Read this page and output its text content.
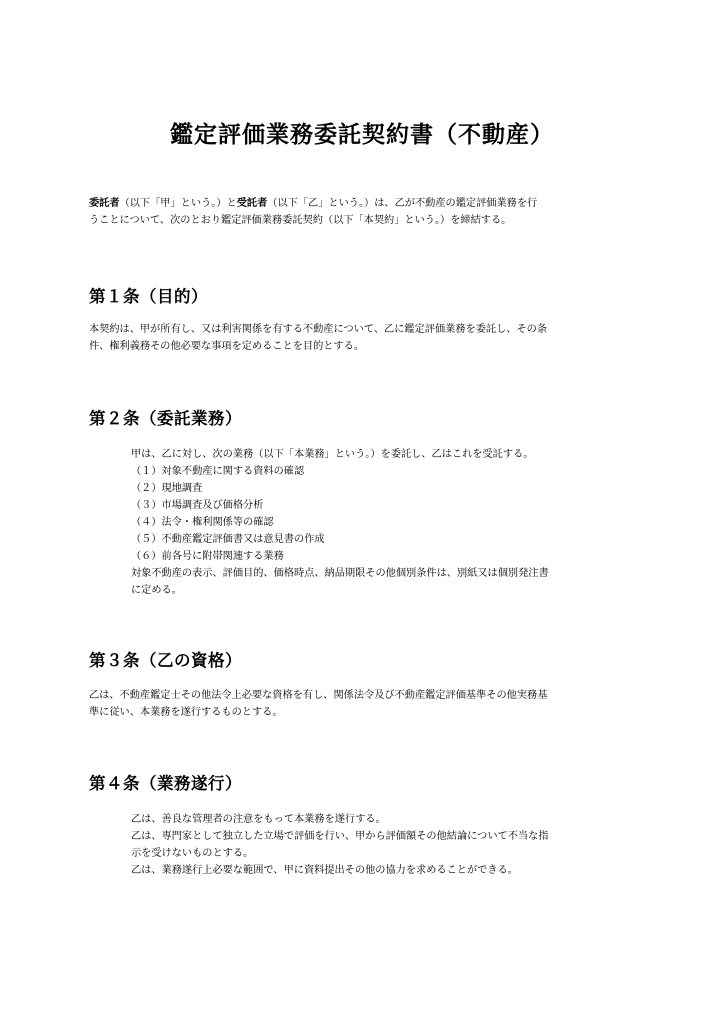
鑑定評価業務委託契約書（不動産）

委託者（以下「甲」という。）と受託者（以下「乙」という。）は、乙が不動産の鑑定評価業務を行
うことについて、次のとおり鑑定評価業務委託契約（以下「本契約」という。）を締結する。

第１条（目的）

本契約は、甲が所有し、又は利害関係を有する不動産について、乙に鑑定評価業務を委託し、その条
件、権利義務その他必要な事項を定めることを目的とする。

第２条（委託業務）

甲は、乙に対し、次の業務（以下「本業務」という。）を委託し、乙はこれを受託する。
（１）対象不動産に関する資料の確認
（２）現地調査
（３）市場調査及び価格分析
（４）法令・権利関係等の確認
（５）不動産鑑定評価書又は意見書の作成
（６）前各号に附帯関連する業務
対象不動産の表示、評価目的、価格時点、納品期限その他個別条件は、別紙又は個別発注書
に定める。

第３条（乙の資格）

乙は、不動産鑑定士その他法令上必要な資格を有し、関係法令及び不動産鑑定評価基準その他実務基
準に従い、本業務を遂行するものとする。

第４条（業務遂行）

乙は、善良な管理者の注意をもって本業務を遂行する。
乙は、専門家として独立した立場で評価を行い、甲から評価額その他結論について不当な指
示を受けないものとする。
乙は、業務遂行上必要な範囲で、甲に資料提出その他の協力を求めることができる。
